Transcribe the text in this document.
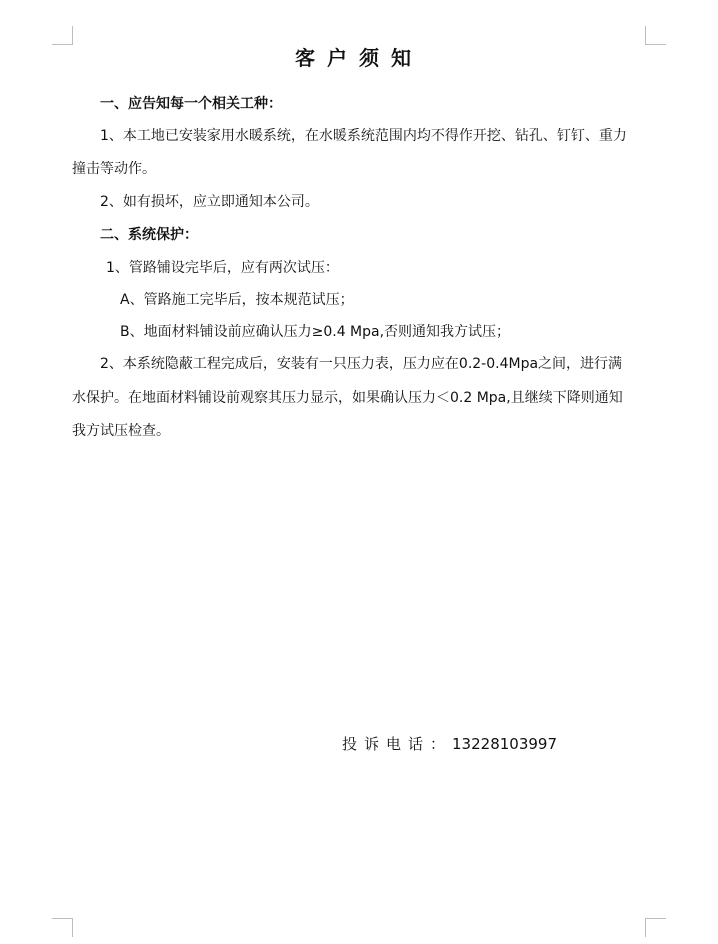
客户须知
一、应告知每一个相关工种：
1、本工地已安装家用水暖系统，在水暖系统范围内均不得作开挖、钻孔、钉钉、重力
撞击等动作。
2、如有损坏，应立即通知本公司。
二、系统保护：
1、管路铺设完毕后，应有两次试压：
A、管路施工完毕后，按本规范试压；
B、地面材料铺设前应确认压力≥0.4 Mpa,否则通知我方试压；
2、本系统隐蔽工程完成后，安装有一只压力表，压力应在0.2-0.4Mpa之间，进行满
水保护。在地面材料铺设前观察其压力显示，如果确认压力＜0.2 Mpa,且继续下降则通知
我方试压检查。
投诉电话：13228103997
